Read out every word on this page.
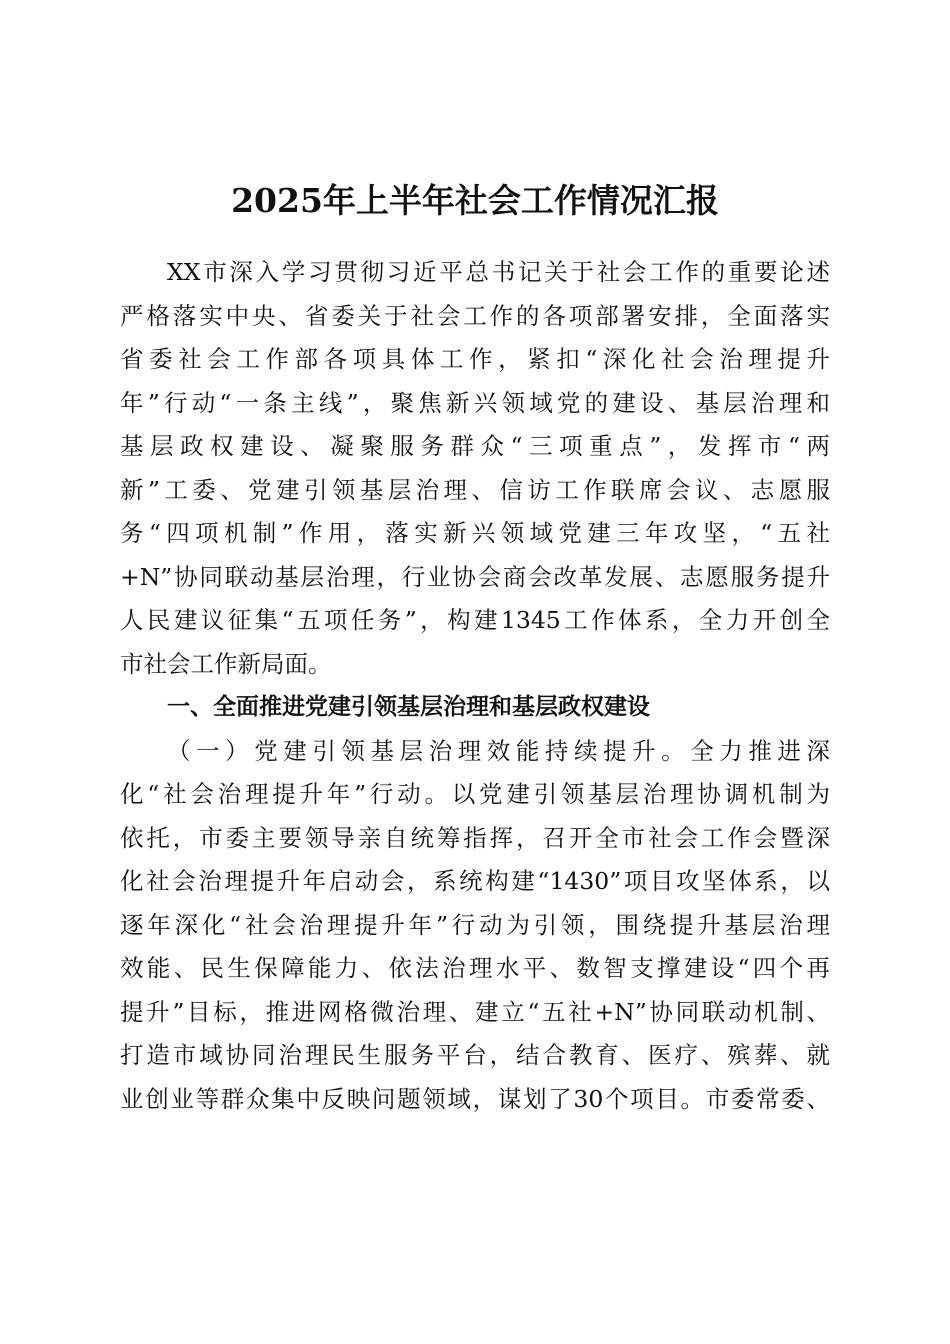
2025年上半年社会工作情况汇报
XX市深入学习贯彻习近平总书记关于社会工作的重要论述
严格落实中央、省委关于社会工作的各项部署安排，全面落实
省委社会工作部各项具体工作，紧扣“深化社会治理提升
年”行动“一条主线”，聚焦新兴领域党的建设、基层治理和
基层政权建设、凝聚服务群众“三项重点”，发挥市“两
新”工委、党建引领基层治理、信访工作联席会议、志愿服
务“四项机制”作用，落实新兴领域党建三年攻坚，“五社
+N”协同联动基层治理，行业协会商会改革发展、志愿服务提升
人民建议征集“五项任务”，构建1345工作体系，全力开创全
市社会工作新局面。
一、全面推进党建引领基层治理和基层政权建设
（一）党建引领基层治理效能持续提升。全力推进深
化“社会治理提升年”行动。以党建引领基层治理协调机制为
依托，市委主要领导亲自统筹指挥，召开全市社会工作会暨深
化社会治理提升年启动会，系统构建“1430”项目攻坚体系，以
逐年深化“社会治理提升年”行动为引领，围绕提升基层治理
效能、民生保障能力、依法治理水平、数智支撑建设“四个再
提升”目标，推进网格微治理、建立“五社+N”协同联动机制、
打造市域协同治理民生服务平台，结合教育、医疗、殡葬、就
业创业等群众集中反映问题领域，谋划了30个项目。市委常委、
